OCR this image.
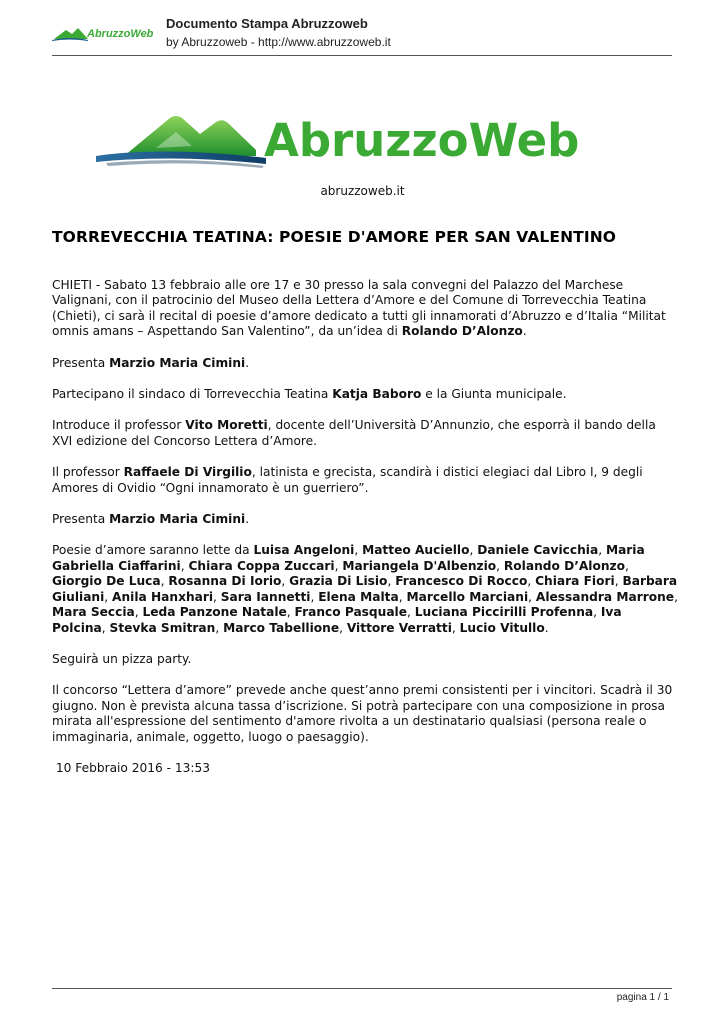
AbruzzoWeb
Documento Stampa Abruzzoweb
by Abruzzoweb - http://www.abruzzoweb.it
AbruzzoWeb
abruzzoweb.it
TORREVECCHIA TEATINA: POESIE D'AMORE PER SAN VALENTINO

CHIETI - Sabato 13 febbraio alle ore 17 e 30 presso la sala convegni del Palazzo del Marchese Valignani, con il patrocinio del Museo della Lettera d’Amore e del Comune di Torrevecchia Teatina (Chieti), ci sarà il recital di poesie d’amore dedicato a tutti gli innamorati d’Abruzzo e d’Italia “Militat omnis amans – Aspettando San Valentino”, da un’idea di Rolando D’Alonzo.

Presenta Marzio Maria Cimini.

Partecipano il sindaco di Torrevecchia Teatina Katja Baboro e la Giunta municipale.

Introduce il professor Vito Moretti, docente dell’Università D’Annunzio, che esporrà il bando della XVI edizione del Concorso Lettera d’Amore.

Il professor Raffaele Di Virgilio, latinista e grecista, scandirà i distici elegiaci dal Libro I, 9 degli Amores di Ovidio “Ogni innamorato è un guerriero”.

Presenta Marzio Maria Cimini.

Poesie d’amore saranno lette da Luisa Angeloni, Matteo Auciello, Daniele Cavicchia, Maria Gabriella Ciaffarini, Chiara Coppa Zuccari, Mariangela D'Albenzio, Rolando D’Alonzo, Giorgio De Luca, Rosanna Di Iorio, Grazia Di Lisio, Francesco Di Rocco, Chiara Fiori, Barbara Giuliani, Anila Hanxhari, Sara Iannetti, Elena Malta, Marcello Marciani, Alessandra Marrone, Mara Seccia, Leda Panzone Natale, Franco Pasquale, Luciana Piccirilli Profenna, Iva Polcina, Stevka Smitran, Marco Tabellione, Vittore Verratti, Lucio Vitullo.

Seguirà un pizza party.

Il concorso “Lettera d’amore” prevede anche quest’anno premi consistenti per i vincitori. Scadrà il 30 giugno. Non è prevista alcuna tassa d’iscrizione. Si potrà partecipare con una composizione in prosa mirata all'espressione del sentimento d'amore rivolta a un destinatario qualsiasi (persona reale o immaginaria, animale, oggetto, luogo o paesaggio).

10 Febbraio 2016 - 13:53

pagina 1 / 1
